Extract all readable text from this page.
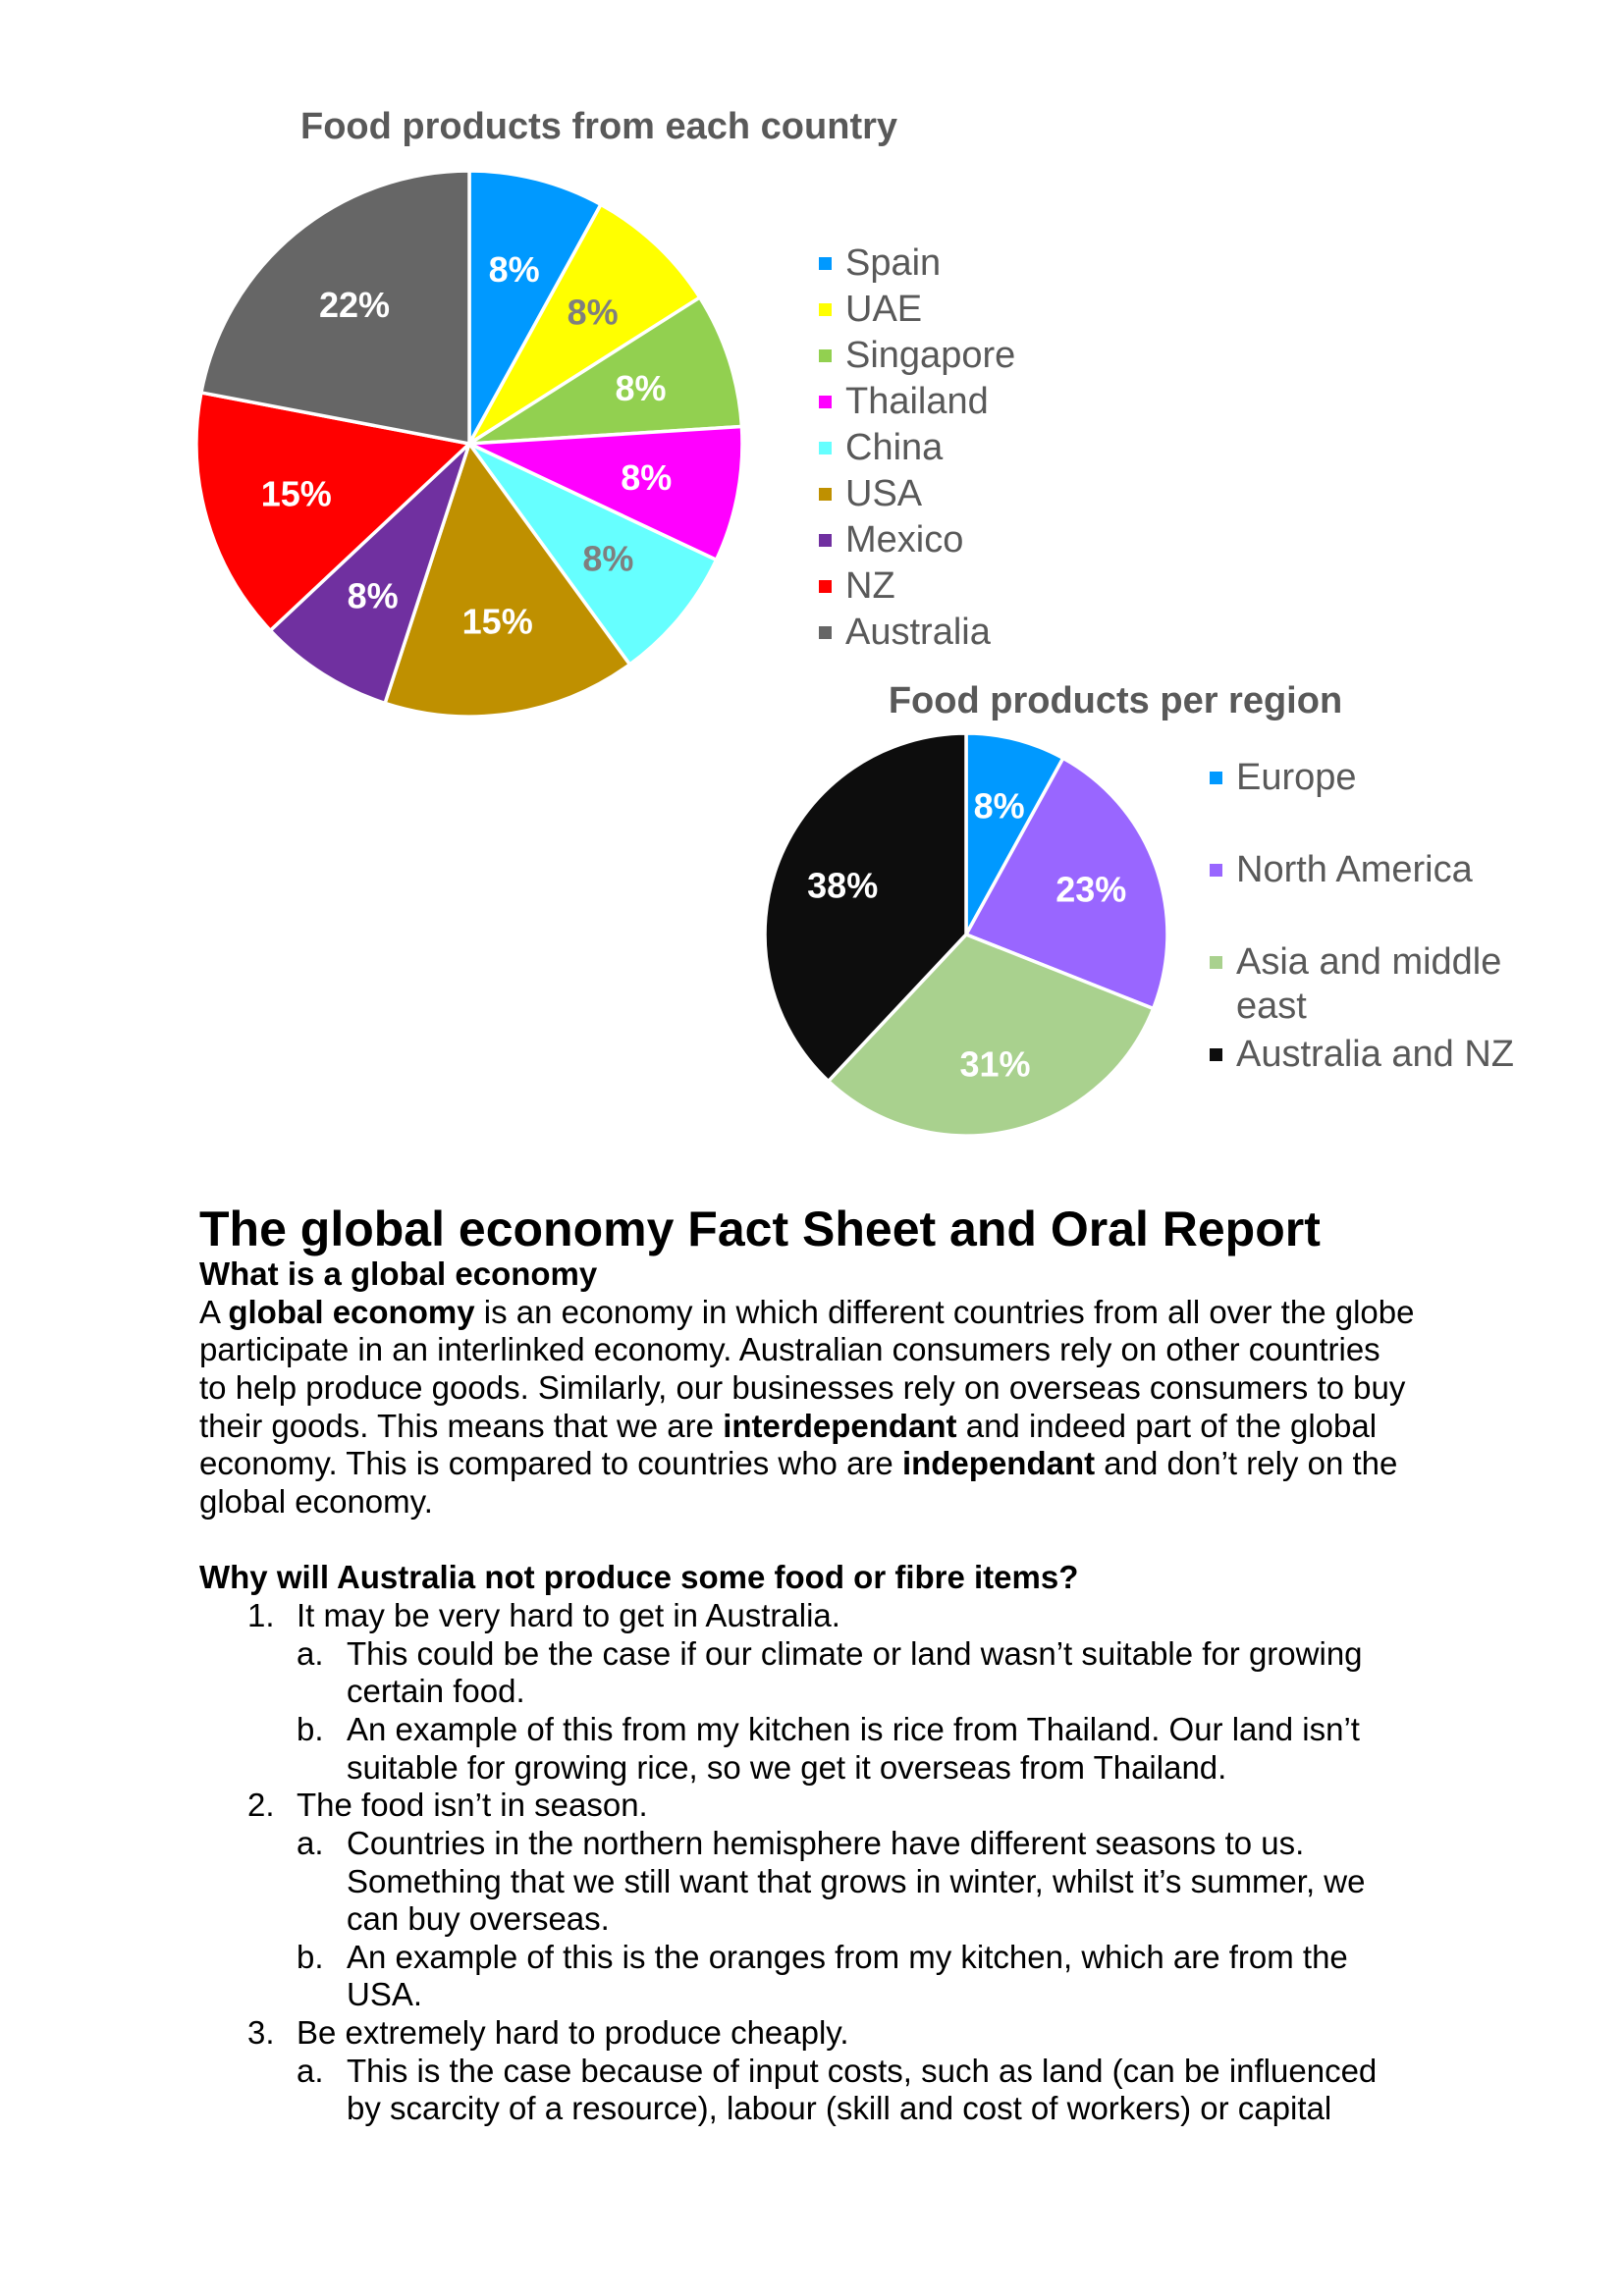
Food products from each country
8%
8%
8%
8%
8%
15%
8%
15%
22%
Spain
UAE
Singapore
Thailand
China
USA
Mexico
NZ
Australia
Food products per region
8%
23%
31%
38%
Europe
North America
Asia and middle east
Australia and NZ
The global economy Fact Sheet and Oral Report
What is a global economy
A global economy is an economy in which different countries from all over the globe
participate in an interlinked economy. Australian consumers rely on other countries
to help produce goods. Similarly, our businesses rely on overseas consumers to buy
their goods. This means that we are interdependant and indeed part of the global
economy. This is compared to countries who are independant and don’t rely on the
global economy.
Why will Australia not produce some food or fibre items?
1. It may be very hard to get in Australia.
a. This could be the case if our climate or land wasn’t suitable for growing
certain food.
b. An example of this from my kitchen is rice from Thailand. Our land isn’t
suitable for growing rice, so we get it overseas from Thailand.
2. The food isn’t in season.
a. Countries in the northern hemisphere have different seasons to us.
Something that we still want that grows in winter, whilst it’s summer, we
can buy overseas.
b. An example of this is the oranges from my kitchen, which are from the
USA.
3. Be extremely hard to produce cheaply.
a. This is the case because of input costs, such as land (can be influenced
by scarcity of a resource), labour (skill and cost of workers) or capital
